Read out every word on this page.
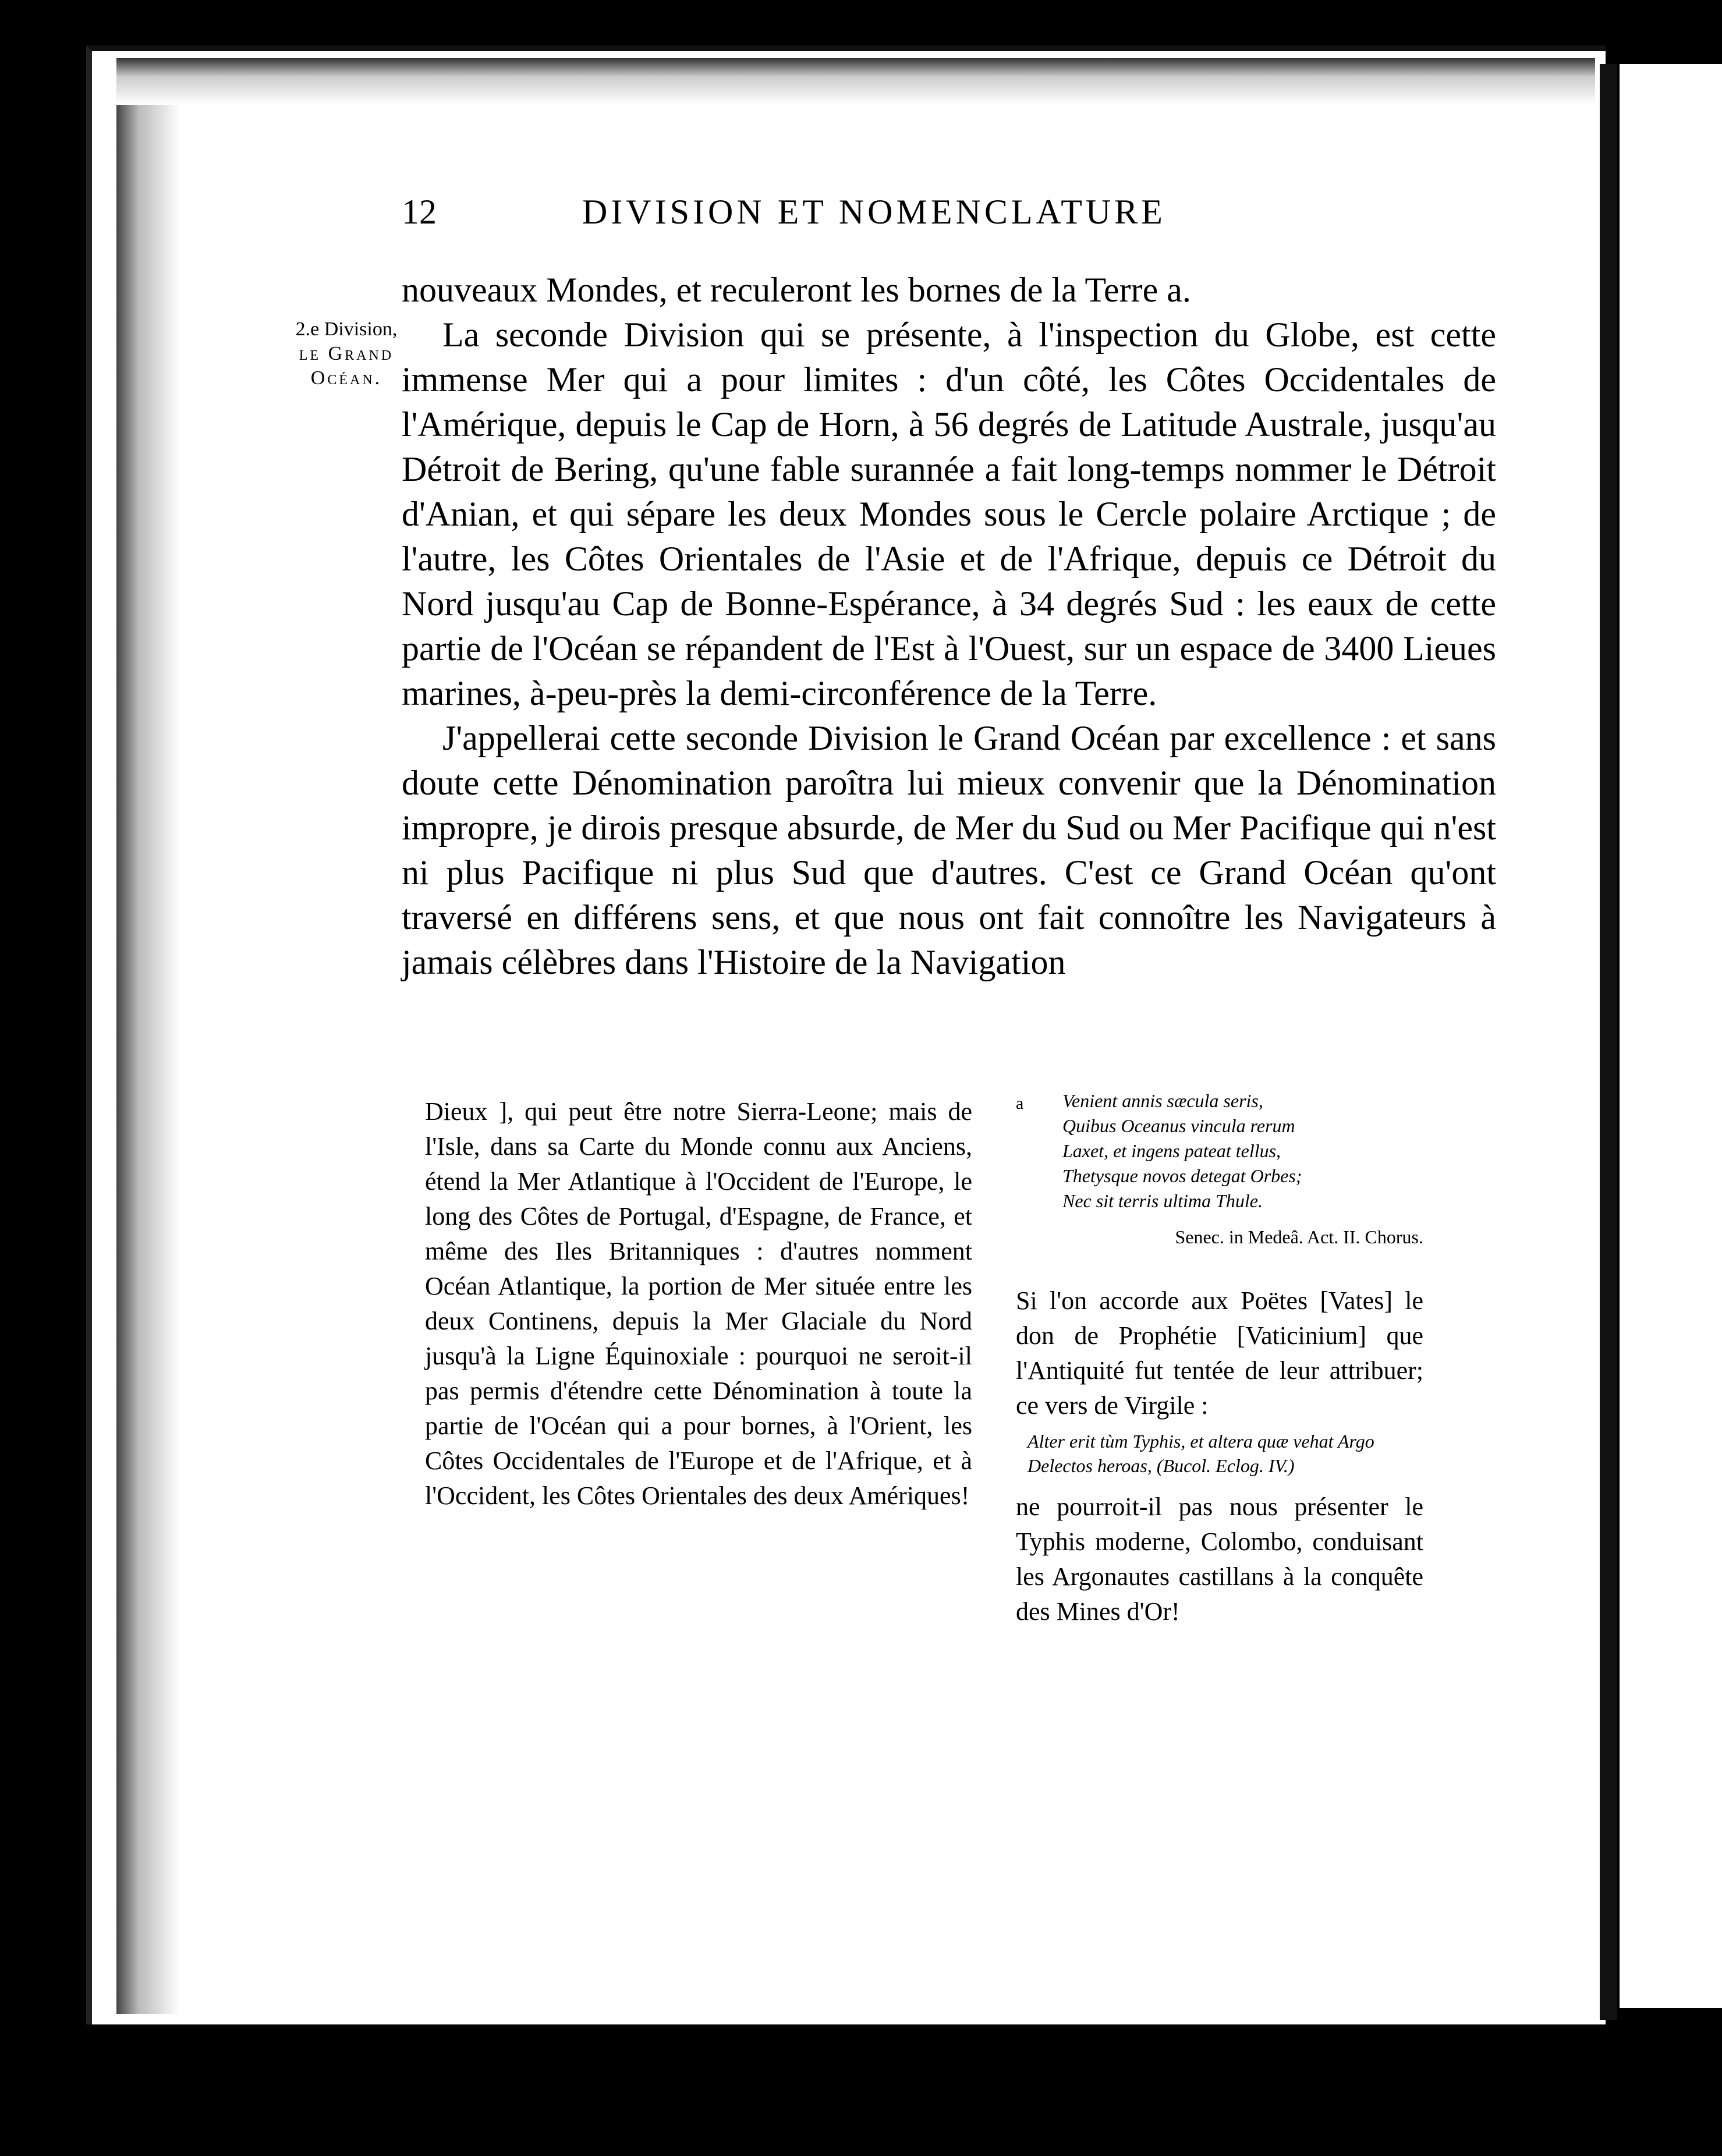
12	DIVISION ET NOMENCLATURE
2.e Division,
le Grand
Océan.

nouveaux Mondes, et reculeront les bornes de la Terre a.

La seconde Division qui se présente, à l'inspection du Globe, est cette immense Mer qui a pour limites : d'un côté, les Côtes Occidentales de l'Amérique, depuis le Cap de Horn, à 56 degrés de Latitude Australe, jusqu'au Détroit de Bering, qu'une fable surannée a fait long-temps nommer le Détroit d'Anian, et qui sépare les deux Mondes sous le Cercle polaire Arctique ; de l'autre, les Côtes Orientales de l'Asie et de l'Afrique, depuis ce Détroit du Nord jusqu'au Cap de Bonne-Espérance, à 34 degrés Sud : les eaux de cette partie de l'Océan se répandent de l'Est à l'Ouest, sur un espace de 3400 Lieues marines, à-peu-près la demi-circonférence de la Terre.

J'appellerai cette seconde Division le Grand Océan par excellence : et sans doute cette Dénomination paroîtra lui mieux convenir que la Dénomination impropre, je dirois presque absurde, de Mer du Sud ou Mer Pacifique qui n'est ni plus Pacifique ni plus Sud que d'autres. C'est ce Grand Océan qu'ont traversé en différens sens, et que nous ont fait connoître les Navigateurs à jamais célèbres dans l'Histoire de la Navigation

Dieux ], qui peut être notre Sierra-Leone; mais de l'Isle, dans sa Carte du Monde connu aux Anciens, étend la Mer Atlantique à l'Occident de l'Europe, le long des Côtes de Portugal, d'Espagne, de France, et même des Iles Britanniques : d'autres nomment Océan Atlantique, la portion de Mer située entre les deux Continens, depuis la Mer Glaciale du Nord jusqu'à la Ligne Équinoxiale : pourquoi ne seroit-il pas permis d'étendre cette Dénomination à toute la partie de l'Océan qui a pour bornes, à l'Orient, les Côtes Occidentales de l'Europe et de l'Afrique, et à l'Occident, les Côtes Orientales des deux Amériques!

a Venient annis sæcula seris,
Quibus Oceanus vincula rerum
Laxet, et ingens pateat tellus,
Thetysque novos detegat Orbes;
Nec sit terris ultima Thule.
Senec. in Medeâ. Act. II. Chorus.

Si l'on accorde aux Poëtes [Vates] le don de Prophétie [Vaticinium] que l'Antiquité fut tentée de leur attribuer; ce vers de Virgile :

Alter erit tùm Typhis, et altera quæ vehat Argo
Delectos heroas, (Bucol. Eclog. IV.)

ne pourroit-il pas nous présenter le Typhis moderne, Colombo, conduisant les Argonautes castillans à la conquête des Mines d'Or!
